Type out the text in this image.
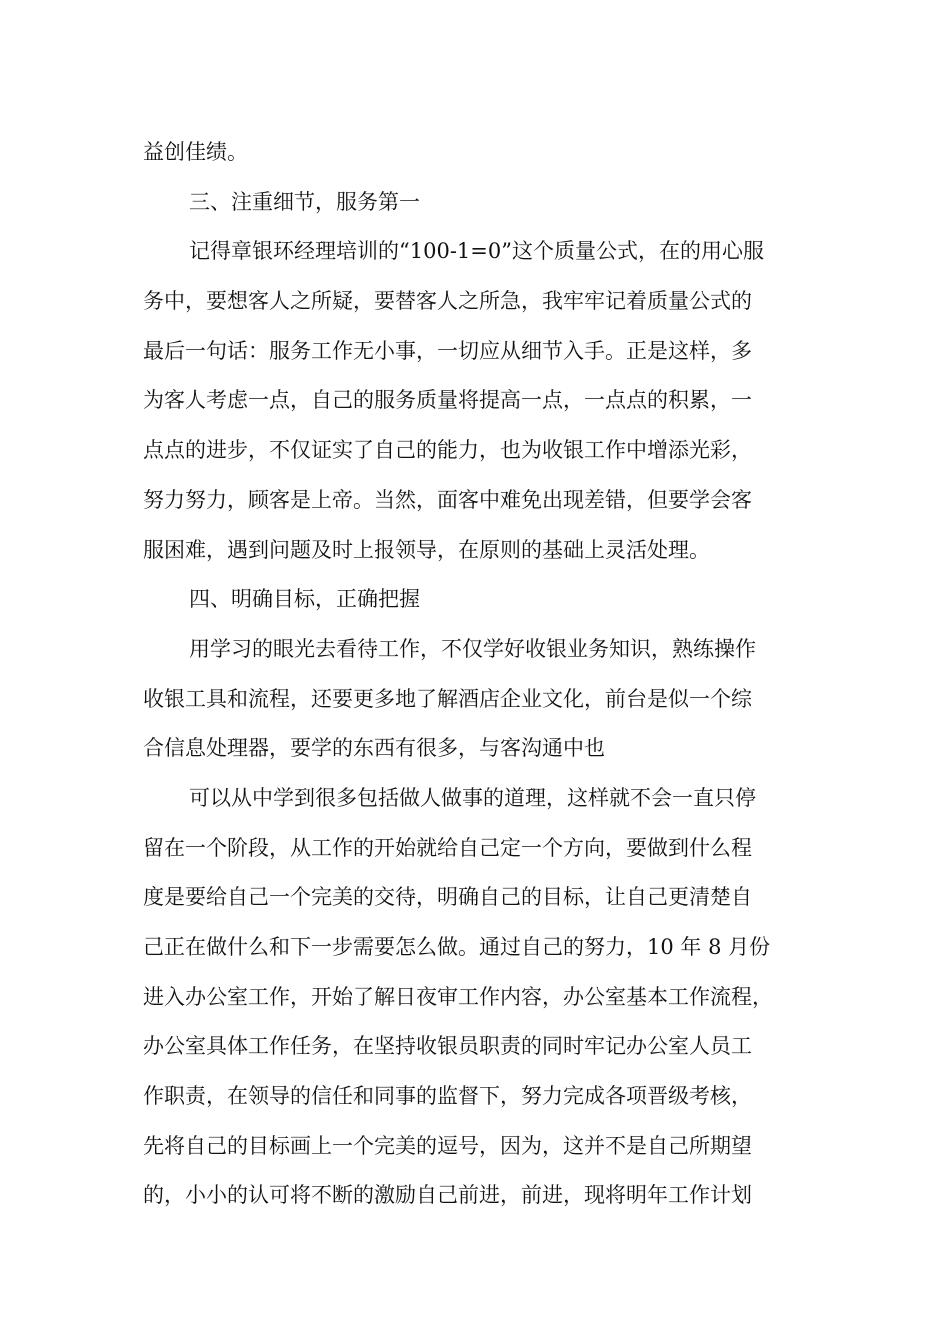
益创佳绩。
三、注重细节，服务第一
记得章银环经理培训的“100-1=0”这个质量公式，在的用心服
务中，要想客人之所疑，要替客人之所急，我牢牢记着质量公式的
最后一句话：服务工作无小事，一切应从细节入手。正是这样，多
为客人考虑一点，自己的服务质量将提高一点，一点点的积累，一
点点的进步，不仅证实了自己的能力，也为收银工作中增添光彩，
努力努力，顾客是上帝。当然，面客中难免出现差错，但要学会客
服困难，遇到问题及时上报领导，在原则的基础上灵活处理。
四、明确目标，正确把握
用学习的眼光去看待工作，不仅学好收银业务知识，熟练操作
收银工具和流程，还要更多地了解酒店企业文化，前台是似一个综
合信息处理器，要学的东西有很多，与客沟通中也
可以从中学到很多包括做人做事的道理，这样就不会一直只停
留在一个阶段，从工作的开始就给自己定一个方向，要做到什么程
度是要给自己一个完美的交待，明确自己的目标，让自己更清楚自
己正在做什么和下一步需要怎么做。通过自己的努力，10 年 8 月份
进入办公室工作，开始了解日夜审工作内容，办公室基本工作流程，
办公室具体工作任务，在坚持收银员职责的同时牢记办公室人员工
作职责，在领导的信任和同事的监督下，努力完成各项晋级考核，
先将自己的目标画上一个完美的逗号，因为，这并不是自己所期望
的，小小的认可将不断的激励自己前进，前进，现将明年工作计划
